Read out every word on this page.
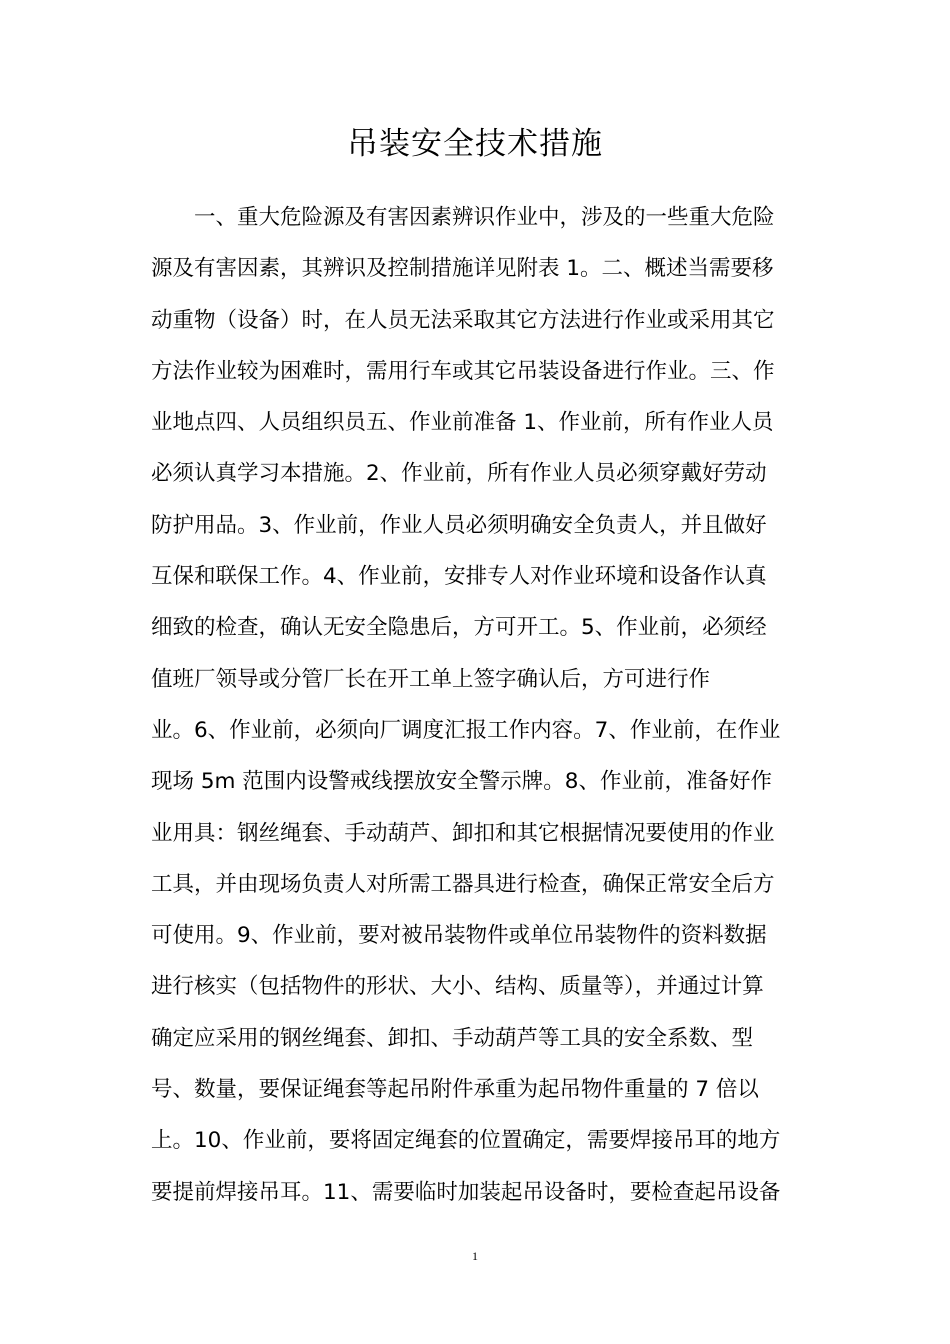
吊装安全技术措施
　　一、重大危险源及有害因素辨识作业中，涉及的一些重大危险
源及有害因素，其辨识及控制措施详见附表 1。二、概述当需要移
动重物（设备）时，在人员无法采取其它方法进行作业或采用其它
方法作业较为困难时，需用行车或其它吊装设备进行作业。三、作
业地点四、人员组织员五、作业前准备 1、作业前，所有作业人员
必须认真学习本措施。2、作业前，所有作业人员必须穿戴好劳动
防护用品。3、作业前，作业人员必须明确安全负责人，并且做好
互保和联保工作。4、作业前，安排专人对作业环境和设备作认真
细致的检查，确认无安全隐患后，方可开工。5、作业前，必须经
值班厂领导或分管厂长在开工单上签字确认后，方可进行作
业。6、作业前，必须向厂调度汇报工作内容。7、作业前，在作业
现场 5m 范围内设警戒线摆放安全警示牌。8、作业前，准备好作
业用具：钢丝绳套、手动葫芦、卸扣和其它根据情况要使用的作业
工具，并由现场负责人对所需工器具进行检查，确保正常安全后方
可使用。9、作业前，要对被吊装物件或单位吊装物件的资料数据
进行核实（包括物件的形状、大小、结构、质量等），并通过计算
确定应采用的钢丝绳套、卸扣、手动葫芦等工具的安全系数、型
号、数量，要保证绳套等起吊附件承重为起吊物件重量的 7 倍以
上。10、作业前，要将固定绳套的位置确定，需要焊接吊耳的地方
要提前焊接吊耳。11、需要临时加装起吊设备时，要检查起吊设备
1
